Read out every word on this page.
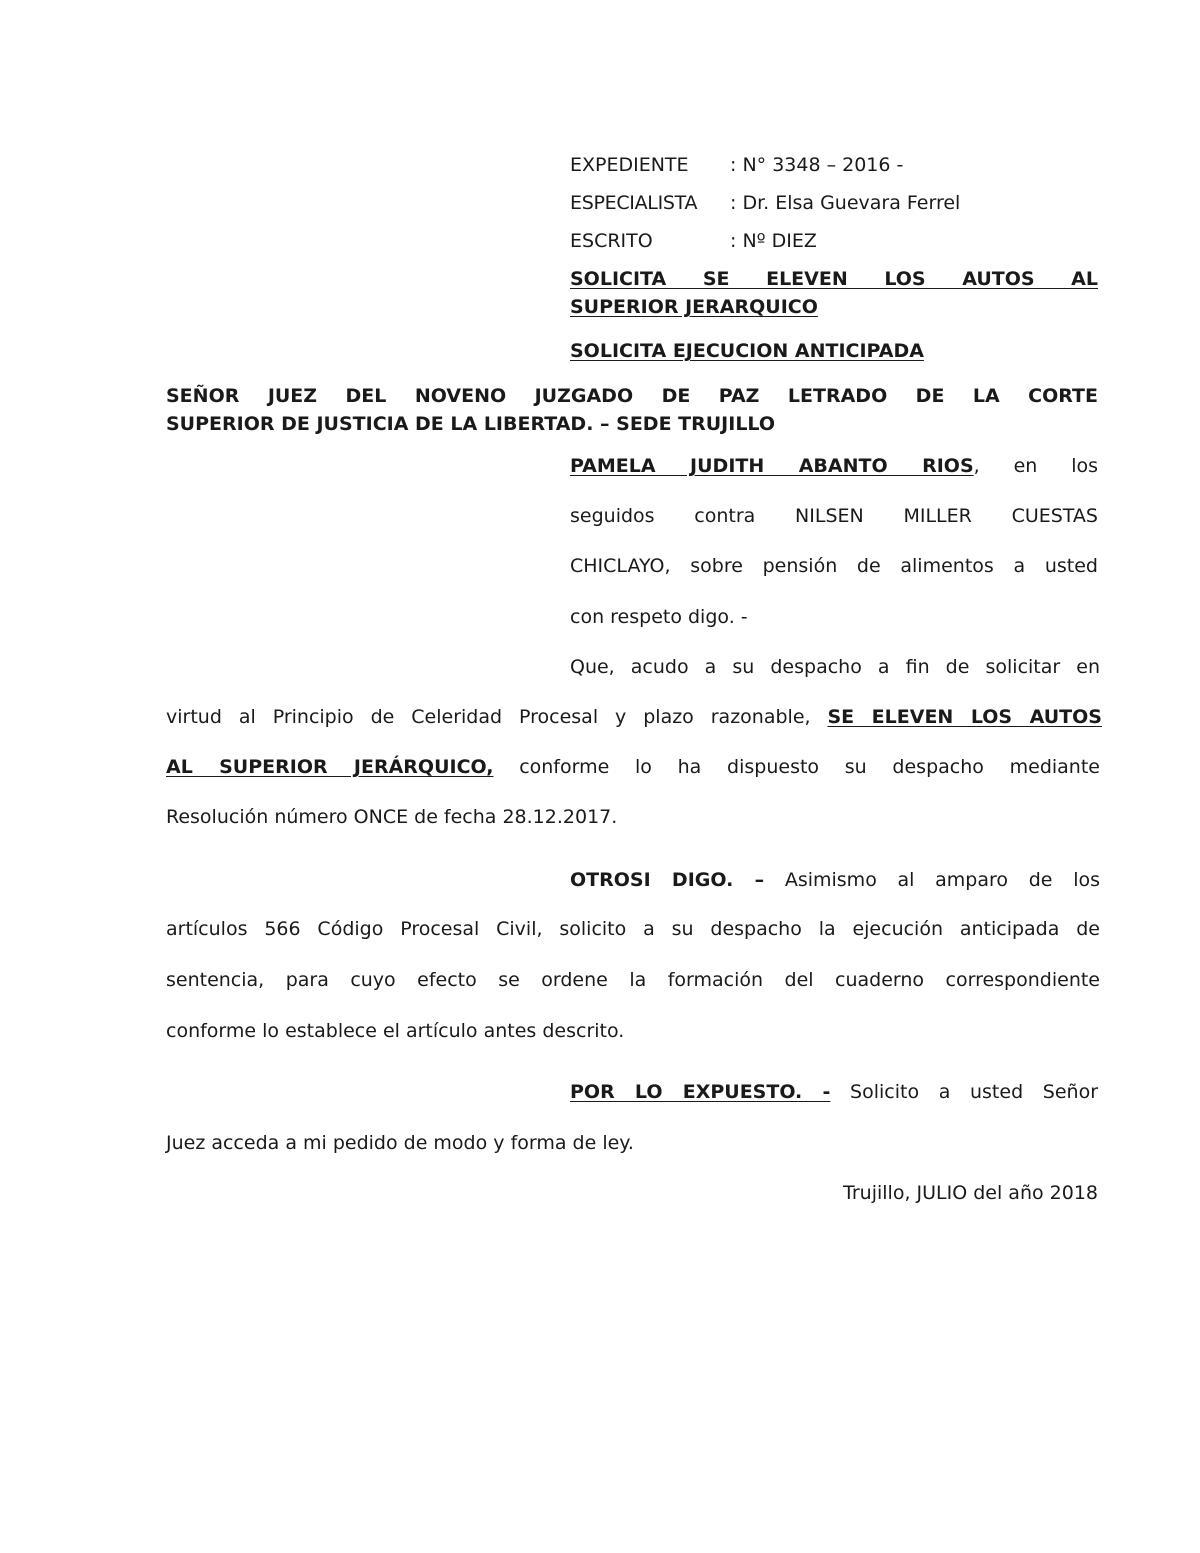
EXPEDIENTE : N° 3348 – 2016 -
ESPECIALISTA : Dr. Elsa Guevara Ferrel
ESCRITO	: Nº DIEZ
SOLICITA SE ELEVEN LOS AUTOS AL
SUPERIOR JERARQUICO
SOLICITA EJECUCION ANTICIPADA
SEÑOR JUEZ DEL NOVENO JUZGADO DE PAZ LETRADO DE LA CORTE
SUPERIOR DE JUSTICIA DE LA LIBERTAD. – SEDE TRUJILLO
PAMELA JUDITH ABANTO RIOS, en los
seguidos contra NILSEN MILLER CUESTAS
CHICLAYO, sobre pensión de alimentos a usted
con respeto digo. -
Que, acudo a su despacho a fin de solicitar en
virtud al Principio de Celeridad Procesal y plazo razonable, SE ELEVEN LOS AUTOS
AL SUPERIOR JERÁRQUICO, conforme lo ha dispuesto su despacho mediante
Resolución número ONCE de fecha 28.12.2017.
OTROSI DIGO. – Asimismo al amparo de los
artículos 566 Código Procesal Civil, solicito a su despacho la ejecución anticipada de
sentencia, para cuyo efecto se ordene la formación del cuaderno correspondiente
conforme lo establece el artículo antes descrito.
POR LO EXPUESTO. - Solicito a usted Señor
Juez acceda a mi pedido de modo y forma de ley.
Trujillo, JULIO del año 2018
